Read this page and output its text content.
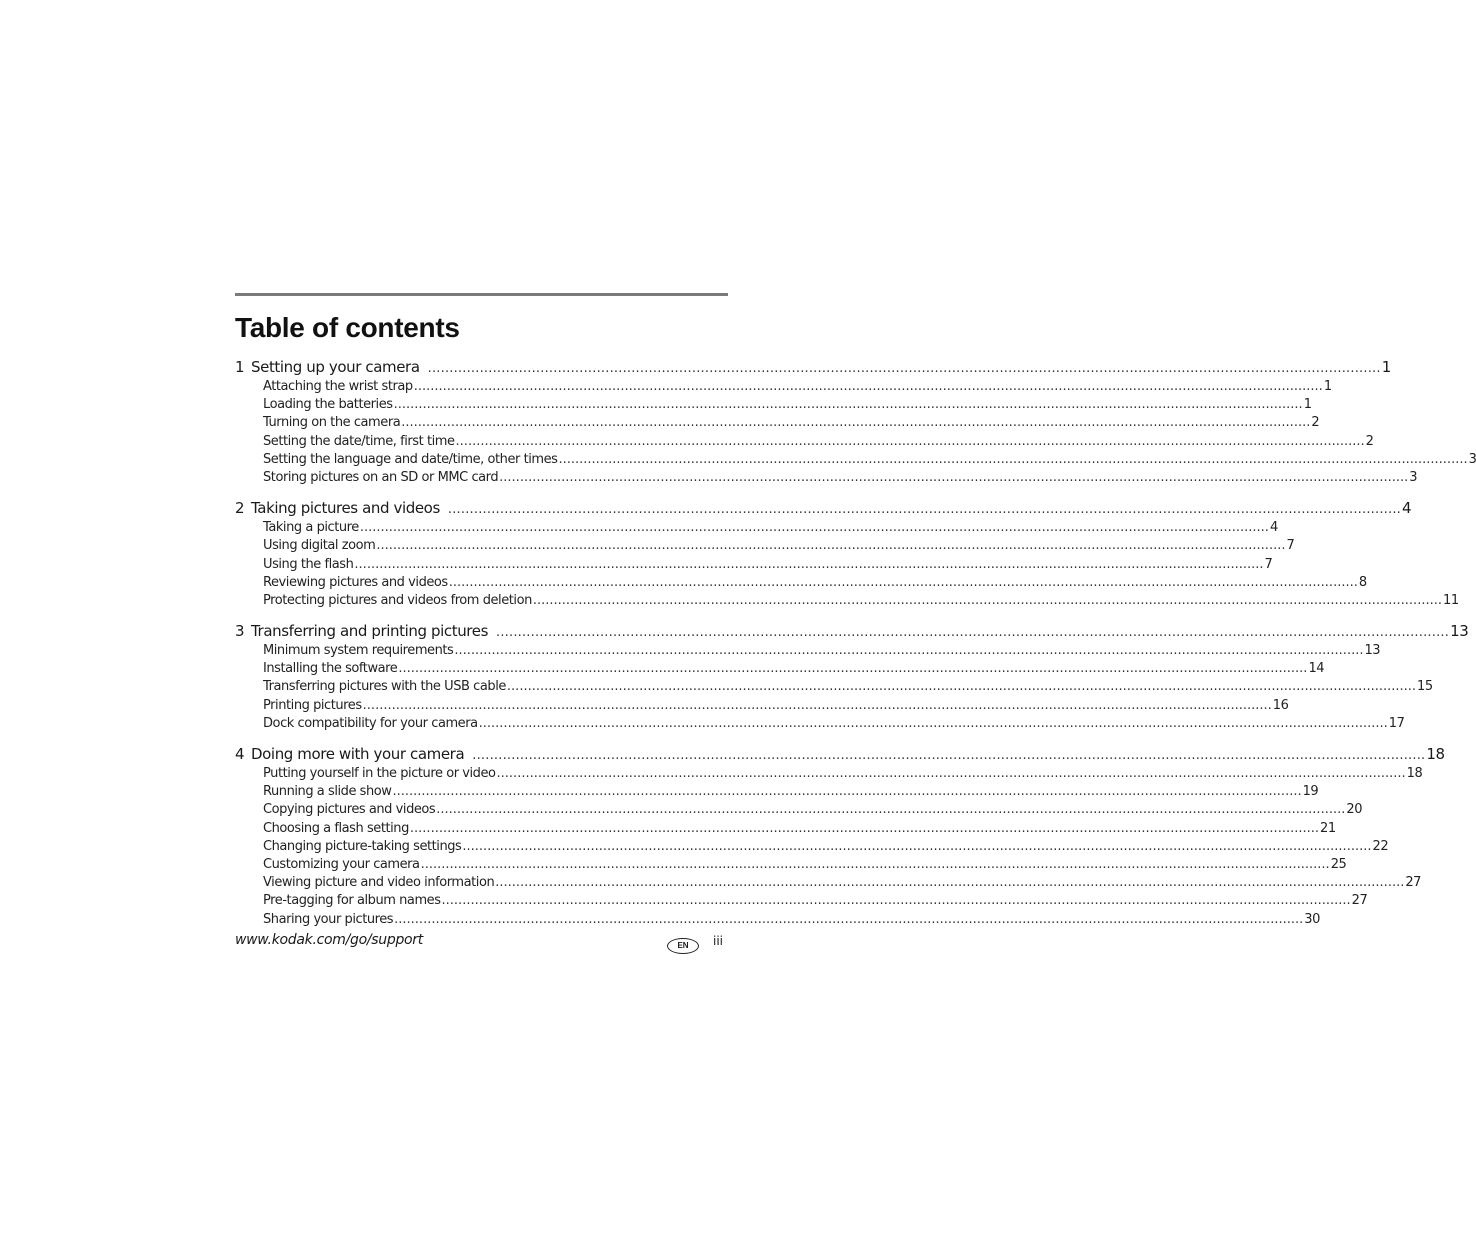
Table of contents
1 Setting up your camera ............................................................................................................................................................................................................................ 1
Attaching the wrist strap ............................................................................................................................................................................................................................ 1
Loading the batteries ............................................................................................................................................................................................................................ 1
Turning on the camera ............................................................................................................................................................................................................................ 2
Setting the date/time, first time ............................................................................................................................................................................................................................ 2
Setting the language and date/time, other times ............................................................................................................................................................................................................................ 3
Storing pictures on an SD or MMC card ............................................................................................................................................................................................................................ 3
2 Taking pictures and videos ............................................................................................................................................................................................................................ 4
Taking a picture ............................................................................................................................................................................................................................ 4
Using digital zoom ............................................................................................................................................................................................................................ 7
Using the flash ............................................................................................................................................................................................................................ 7
Reviewing pictures and videos ............................................................................................................................................................................................................................ 8
Protecting pictures and videos from deletion ............................................................................................................................................................................................................................ 11
3 Transferring and printing pictures ............................................................................................................................................................................................................................ 13
Minimum system requirements ............................................................................................................................................................................................................................ 13
Installing the software ............................................................................................................................................................................................................................ 14
Transferring pictures with the USB cable ............................................................................................................................................................................................................................ 15
Printing pictures ............................................................................................................................................................................................................................ 16
Dock compatibility for your camera ............................................................................................................................................................................................................................ 17
4 Doing more with your camera ............................................................................................................................................................................................................................ 18
Putting yourself in the picture or video ............................................................................................................................................................................................................................ 18
Running a slide show ............................................................................................................................................................................................................................ 19
Copying pictures and videos ............................................................................................................................................................................................................................ 20
Choosing a flash setting ............................................................................................................................................................................................................................ 21
Changing picture-taking settings ............................................................................................................................................................................................................................ 22
Customizing your camera ............................................................................................................................................................................................................................ 25
Viewing picture and video information ............................................................................................................................................................................................................................ 27
Pre-tagging for album names ............................................................................................................................................................................................................................ 27
Sharing your pictures ............................................................................................................................................................................................................................ 30
www.kodak.com/go/support	EN	iii
